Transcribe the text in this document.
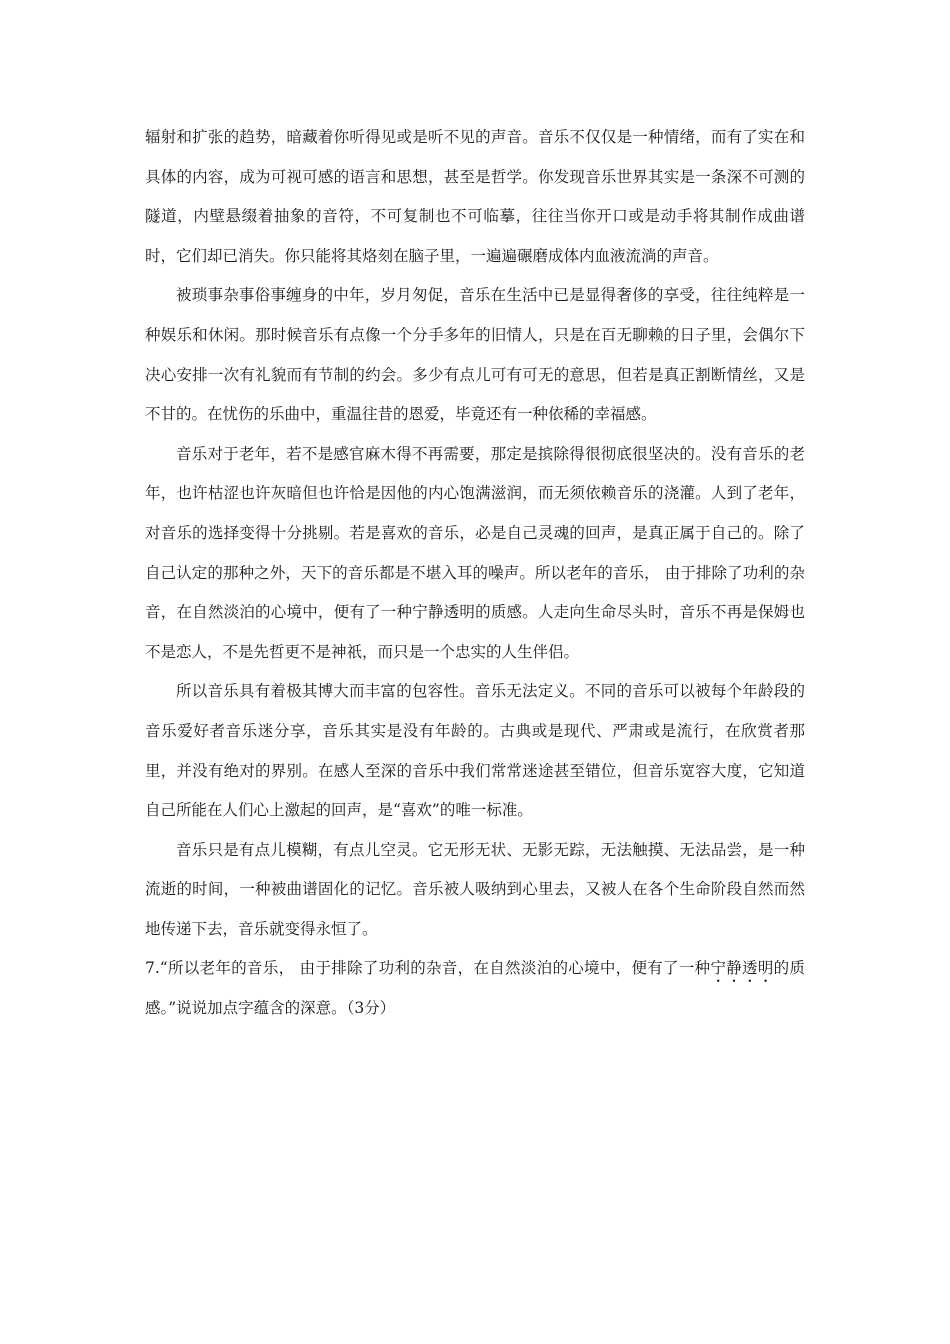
辐射和扩张的趋势，暗藏着你听得见或是听不见的声音。音乐不仅仅是一种情绪，而有了实在和具体的内容，成为可视可感的语言和思想，甚至是哲学。你发现音乐世界其实是一条深不可测的隧道，内壁悬缀着抽象的音符，不可复制也不可临摹，往往当你开口或是动手将其制作成曲谱时，它们却已消失。你只能将其烙刻在脑子里，一遍遍碾磨成体内血液流淌的声音。

被琐事杂事俗事缠身的中年，岁月匆促，音乐在生活中已是显得奢侈的享受，往往纯粹是一种娱乐和休闲。那时候音乐有点像一个分手多年的旧情人，只是在百无聊赖的日子里，会偶尔下决心安排一次有礼貌而有节制的约会。多少有点儿可有可无的意思，但若是真正割断情丝，又是不甘的。在忧伤的乐曲中，重温往昔的恩爱，毕竟还有一种依稀的幸福感。

音乐对于老年，若不是感官麻木得不再需要，那定是摈除得很彻底很坚决的。没有音乐的老年，也许枯涩也许灰暗但也许恰是因他的内心饱满滋润，而无须依赖音乐的浇灌。人到了老年，对音乐的选择变得十分挑剔。若是喜欢的音乐，必是自己灵魂的回声，是真正属于自己的。除了自己认定的那种之外，天下的音乐都是不堪入耳的噪声。所以老年的音乐， 由于排除了功利的杂音，在自然淡泊的心境中，便有了一种宁静透明的质感。人走向生命尽头时，音乐不再是保姆也不是恋人，不是先哲更不是神祇，而只是一个忠实的人生伴侣。

所以音乐具有着极其博大而丰富的包容性。音乐无法定义。不同的音乐可以被每个年龄段的音乐爱好者音乐迷分享，音乐其实是没有年龄的。古典或是现代、严肃或是流行，在欣赏者那里，并没有绝对的界别。在感人至深的音乐中我们常常迷途甚至错位，但音乐宽容大度，它知道自己所能在人们心上激起的回声，是“喜欢”的唯一标准。

音乐只是有点儿模糊，有点儿空灵。它无形无状、无影无踪，无法触摸、无法品尝，是一种流逝的时间，一种被曲谱固化的记忆。音乐被人吸纳到心里去，又被人在各个生命阶段自然而然地传递下去，音乐就变得永恒了。

7.“所以老年的音乐， 由于排除了功利的杂音，在自然淡泊的心境中，便有了一种宁静透明的质感。”说说加点字蕴含的深意。（3分）
